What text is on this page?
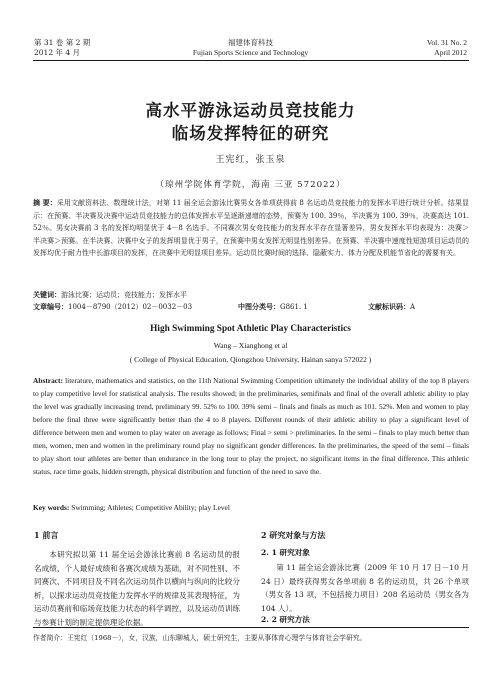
第 31 卷 第 2 期
2012 年 4 月
福建体育科技
Fujian Sports Science and Technology
Vol. 31 No. 2
April 2012
高水平游泳运动员竞技能力
临场发挥特征的研究
王宪红，张玉泉
（琼州学院体育学院，海南 三亚 572022）
摘 要：采用文献资料法、数理统计法，对第 11 届全运会游泳比赛男女各单项获得前 8 名运动员竞技能力的发挥水平进行统计分析。结果显示：在预赛、半决赛及决赛中运动员竞技能力的总体发挥水平呈逐渐递增的态势，预赛为 100. 39％，半决赛为 100. 39％，决赛高达 101. 52％。男女决赛前 3 名的发挥均明显优于 4－8 名选手。不同赛次男女竞技能力的发挥水平存在显著差异，男女发挥水平均表现为：决赛＞半决赛＞预赛。在半决赛、决赛中女子的发挥明显优于男子，在预赛中男女发挥无明显性别差异。在预赛、半决赛中速度性短游项目运动员的发挥均优于耐力性中长游项目的发挥，在决赛中无明显项目差异。运动员比赛时间的选择、隐蔽实力、体力分配及机能节省化的需要有关。
关键词：游泳比赛；运动员；竞技能力；发挥水平
文章编号：1004－8790（2012）02－0032－03	中图分类号：G861. 1	文献标识码：A
High Swimming Spot Athletic Play Characteristics
Wang – Xianghong et al
( College of Physical Education, Qiongzhou University, Hainan sanya 572022 )
Abstract: literature, mathematics and statistics, on the 11th National Swimming Competition ultimately the individual ability of the top 8 players to play competitive level for statistical analysis. The results showed; in the preliminaries, semifinals and final of the overall athletic ability to play the level was gradually increasing trend, preliminary 99. 52% to 100. 39% semi – finals and finals as much as 101. 52%. Men and women to play before the final three were significantly better than the 4 to 8 players. Different rounds of their athletic ability to play a significant level of difference between men and women to play water on average as follows; Final > semi > preliminaries. In the semi – finals to play much better than men, women, men and women in the preliminary round play no significant gender differences. In the preliminaries, the speed of the semi – finals to play short tour athletes are better than endurance in the long tour to play the project, no significant items in the final difference. This athletic status, race time goals, hidden strength, physical distribution and function of the need to save the.
Key words: Swimming; Athletes; Competitive Ability; play Level
1 前言
本研究拟以第 11 届全运会游泳比赛前 8 名运动员的报名成绩、个人最好成绩和各赛次成绩为基础，对不同性别、不同赛次、不同项目及不同名次运动员作以横向与纵向的比较分析，以探求运动员竞技能力发挥水平的规律及其表现特征，为运动员赛前和临场竞技能力状态的科学调控，以及运动员训练与参赛计划的制定提供理论依据。
2 研究对象与方法
2. 1 研究对象
第 11 届全运会游泳比赛（2009 年 10 月 17 日－10 月 24 日）最终获得男女各单项前 8 名的运动员，共 26 个单项（男女各 13 项，不包括接力项目）208 名运动员（男女各为 104 人）。
2. 2 研究方法
作者简介：王宪红（1968－），女，汉族，山东聊城人，硕士研究生，主要从事体育心理学与体育社会学研究。
